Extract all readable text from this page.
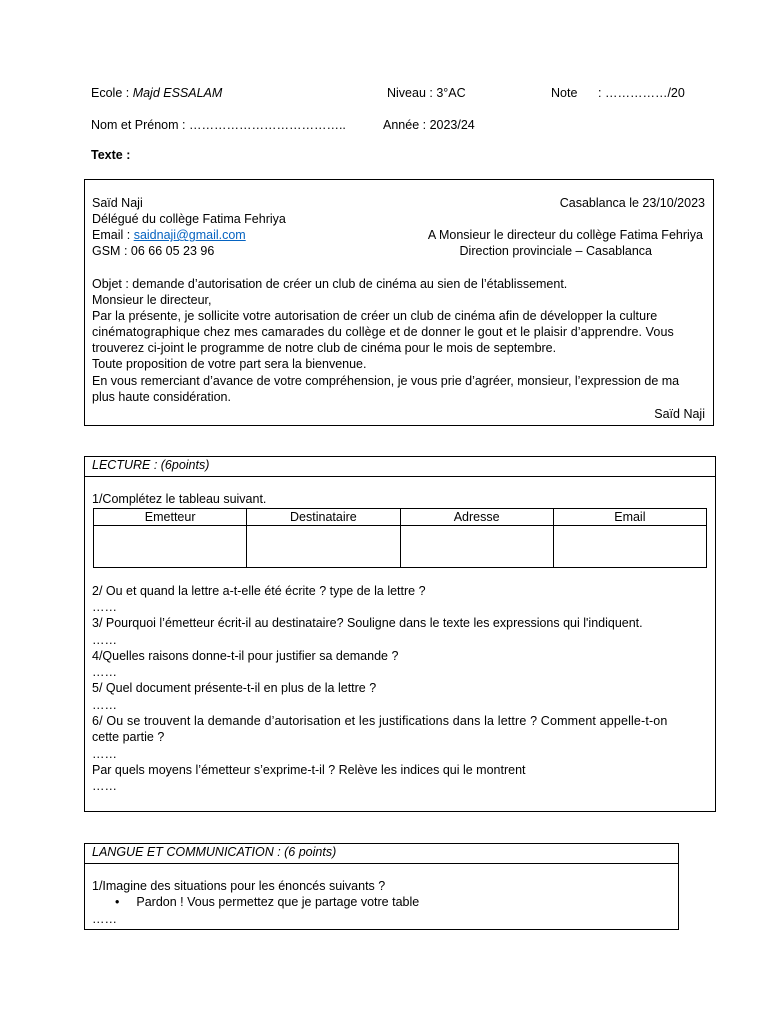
Ecole : Majd ESSALAM	Niveau : 3°AC	Note : ……………/20
Nom et Prénom : ………………………………..	Année : 2023/24
Texte :
Saïd Naji	Casablanca le 23/10/2023
Délégué du collège Fatima Fehriya
Email : saidnaji@gmail.com	A Monsieur le directeur du collège Fatima Fehriya
GSM : 06 66 05 23 96	Direction provinciale – Casablanca
Objet : demande d’autorisation de créer un club de cinéma au sien de l’établissement.
Monsieur le directeur,
Par la présente, je sollicite votre autorisation de créer un club de cinéma afin de développer la culture
cinématographique chez mes camarades du collège et de donner le gout et le plaisir d’apprendre. Vous
trouverez ci-joint le programme de notre club de cinéma pour le mois de septembre.
Toute proposition de votre part sera la bienvenue.
En vous remerciant d’avance de votre compréhension, je vous prie d’agréer, monsieur, l’expression de ma
plus haute considération.
Saïd Naji
LECTURE : (6points)
1/Complétez le tableau suivant.
Emetteur	Destinataire	Adresse	Email

2/ Ou et quand la lettre a-t-elle été écrite ? type de la lettre ?
……
3/ Pourquoi l’émetteur écrit-il au destinataire? Souligne dans le texte les expressions qui l'indiquent.
……
4/Quelles raisons donne-t-il pour justifier sa demande ?
……
5/ Quel document présente-t-il en plus de la lettre ?
……
6/ Ou se trouvent la demande d’autorisation et les justifications dans la lettre ? Comment appelle-t-on
cette partie ?
……
Par quels moyens l’émetteur s’exprime-t-il ? Relève les indices qui le montrent
……
LANGUE ET COMMUNICATION : (6 points)
1/Imagine des situations pour les énoncés suivants ?
• Pardon ! Vous permettez que je partage votre table
……
